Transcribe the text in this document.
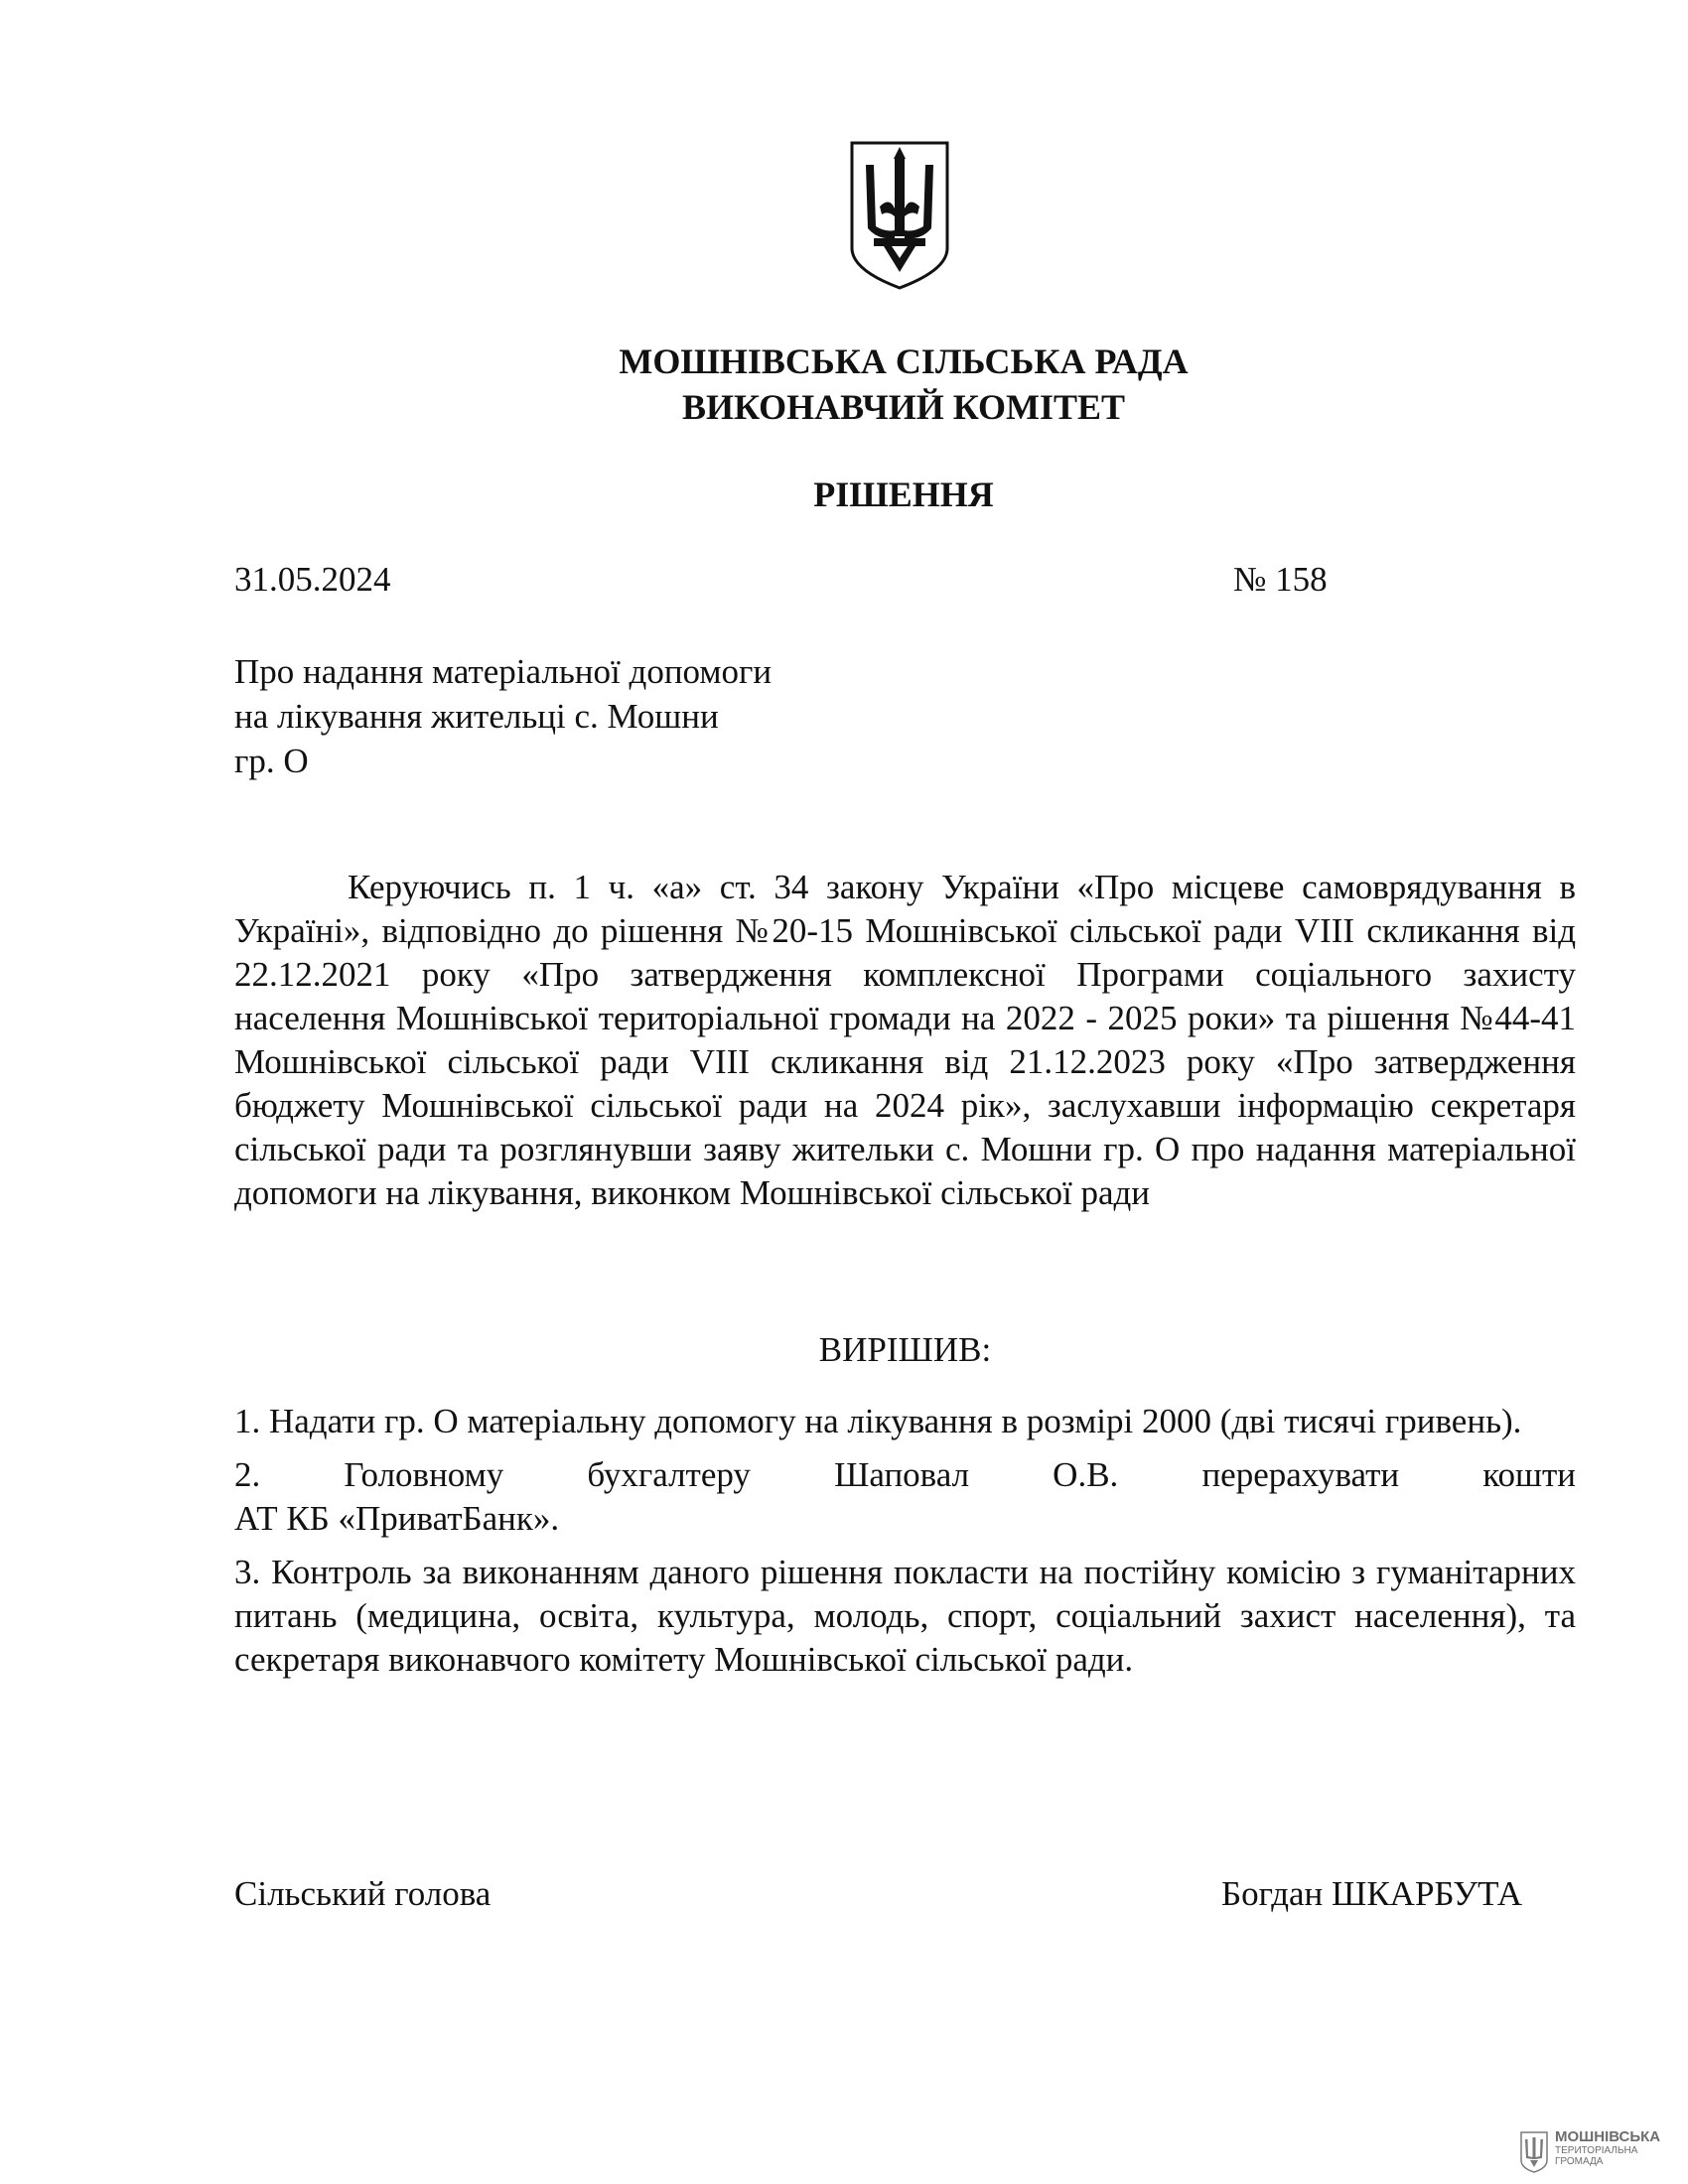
МОШНІВСЬКА СІЛЬСЬКА РАДА
ВИКОНАВЧИЙ КОМІТЕТ
РІШЕННЯ
31.05.2024	№ 158
Про надання матеріальної допомоги
на лікування жительці с. Мошни
гр. О

Керуючись п. 1 ч. «а» ст. 34 закону України «Про місцеве самоврядування в Україні», відповідно до рішення №20-15 Мошнівської сільської ради VIII скликання від 22.12.2021 року «Про затвердження комплексної Програми соціального захисту населення Мошнівської територіальної громади на 2022 - 2025 роки» та рішення №44-41 Мошнівської сільської ради VIII скликання від 21.12.2023 року «Про затвердження бюджету Мошнівської сільської ради на 2024 рік», заслухавши інформацію секретаря сільської ради та розглянувши заяву жительки с. Мошни гр. О про надання матеріальної допомоги на лікування, виконком Мошнівської сільської ради

ВИРІШИВ:
1. Надати гр. О матеріальну допомогу на лікування в розмірі 2000 (дві тисячі гривень).
2. Головному бухгалтеру Шаповал О.В. перерахувати кошти
АТ КБ «ПриватБанк».
3. Контроль за виконанням даного рішення покласти на постійну комісію з гуманітарних питань (медицина, освіта, культура, молодь, спорт, соціальний захист населення), та секретаря виконавчого комітету Мошнівської сільської ради.
Сільський голова	Богдан ШКАРБУТА
МОШНІВСЬКА
ТЕРИТОРІАЛЬНА
ГРОМАДА
